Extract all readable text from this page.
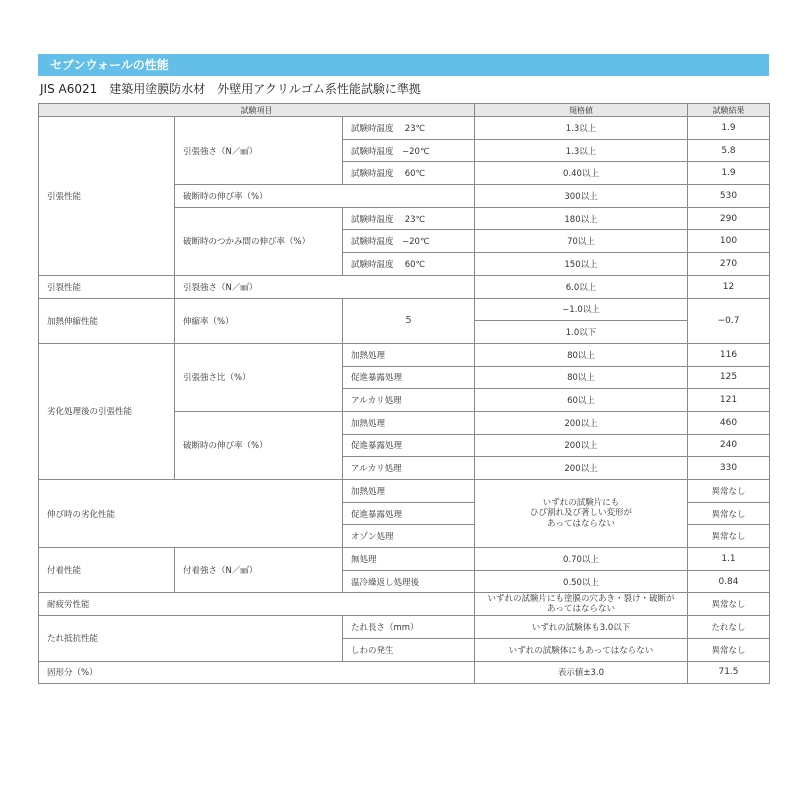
セブンウォールの性能
JIS A6021　建築用塗膜防水材　外壁用アクリルゴム系性能試験に準拠
試験項目			規格値	試験結果
引張性能	引張強さ（N／㎟）	試験時温度　 23℃	1.3以上	1.9
		試験時温度　−20℃	1.3以上	5.8
		試験時温度　 60℃	0.40以上	1.9
	破断時の伸び率（%）		300以上	530
	破断時のつかみ間の伸び率（%）	試験時温度　 23℃	180以上	290
		試験時温度　−20℃	70以上	100
		試験時温度　 60℃	150以上	270
引裂性能	引裂強さ（N／㎟）		6.0以上	12
加熱伸縮性能	伸縮率（%）	5	−1.0以上	−0.7
			1.0以下	
劣化処理後の引張性能	引張強さ比（%）	加熱処理	80以上	116
		促進暴露処理	80以上	125
		アルカリ処理	60以上	121
	破断時の伸び率（%）	加熱処理	200以上	460
		促進暴露処理	200以上	240
		アルカリ処理	200以上	330
伸び時の劣化性能		加熱処理	いずれの試験片にも
ひび割れ及び著しい変形が
あってはならない	異常なし
		促進暴露処理		異常なし
		オゾン処理		異常なし
付着性能	付着強さ（N／㎟）	無処理	0.70以上	1.1
		温冷繰返し処理後	0.50以上	0.84
耐疲労性能			いずれの試験片にも塗膜の穴あき・裂け・破断が
あってはならない	異常なし
たれ抵抗性能		たれ長さ（mm）	いずれの試験体も3.0以下	たれなし
		しわの発生	いずれの試験体にもあってはならない	異常なし
固形分（%）			表示値±3.0	71.5
